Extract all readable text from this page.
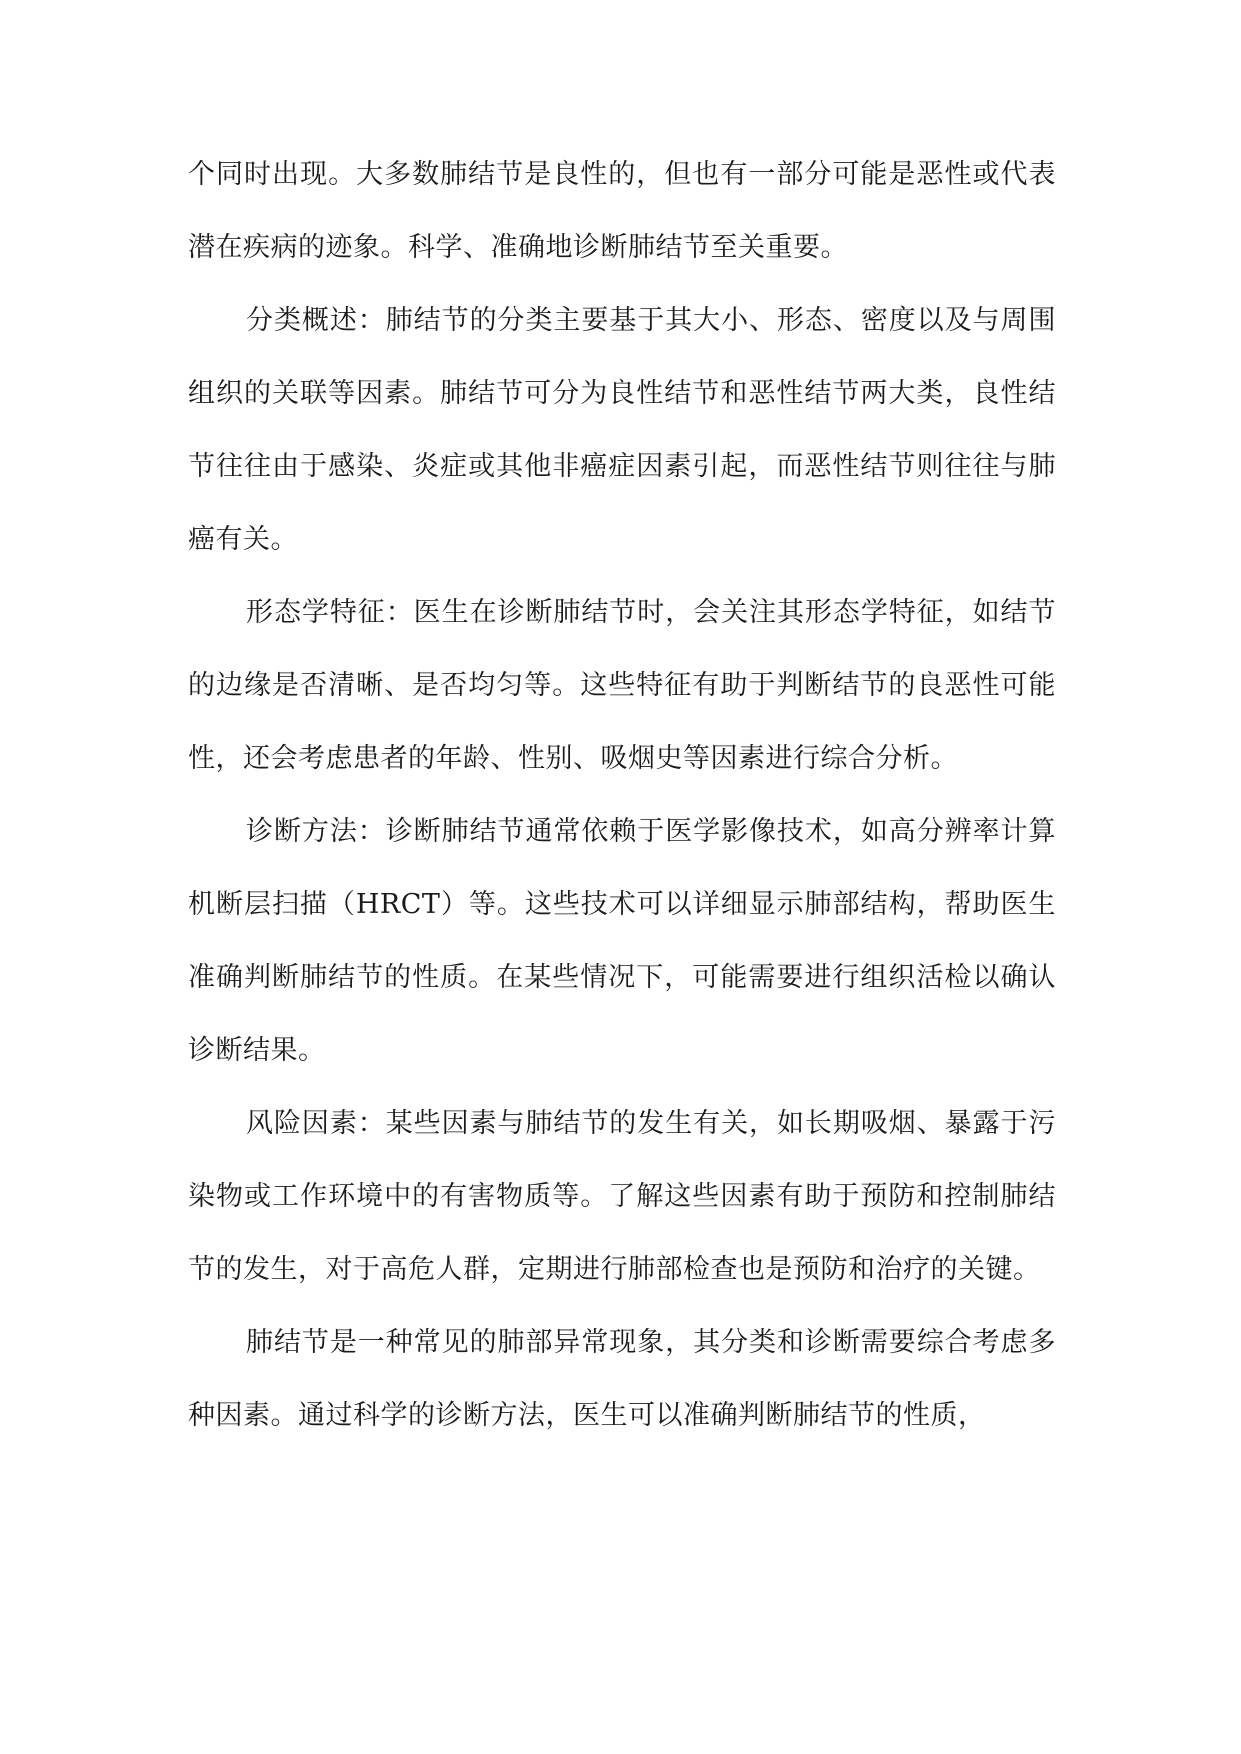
个同时出现。大多数肺结节是良性的，但也有一部分可能是恶性或代表潜在疾病的迹象。科学、准确地诊断肺结节至关重要。

分类概述：肺结节的分类主要基于其大小、形态、密度以及与周围组织的关联等因素。肺结节可分为良性结节和恶性结节两大类，良性结节往往由于感染、炎症或其他非癌症因素引起，而恶性结节则往往与肺癌有关。

形态学特征：医生在诊断肺结节时，会关注其形态学特征，如结节的边缘是否清晰、是否均匀等。这些特征有助于判断结节的良恶性可能性，还会考虑患者的年龄、性别、吸烟史等因素进行综合分析。

诊断方法：诊断肺结节通常依赖于医学影像技术，如高分辨率计算机断层扫描（HRCT）等。这些技术可以详细显示肺部结构，帮助医生准确判断肺结节的性质。在某些情况下，可能需要进行组织活检以确认诊断结果。

风险因素：某些因素与肺结节的发生有关，如长期吸烟、暴露于污染物或工作环境中的有害物质等。了解这些因素有助于预防和控制肺结节的发生，对于高危人群，定期进行肺部检查也是预防和治疗的关键。

肺结节是一种常见的肺部异常现象，其分类和诊断需要综合考虑多种因素。通过科学的诊断方法，医生可以准确判断肺结节的性质，
